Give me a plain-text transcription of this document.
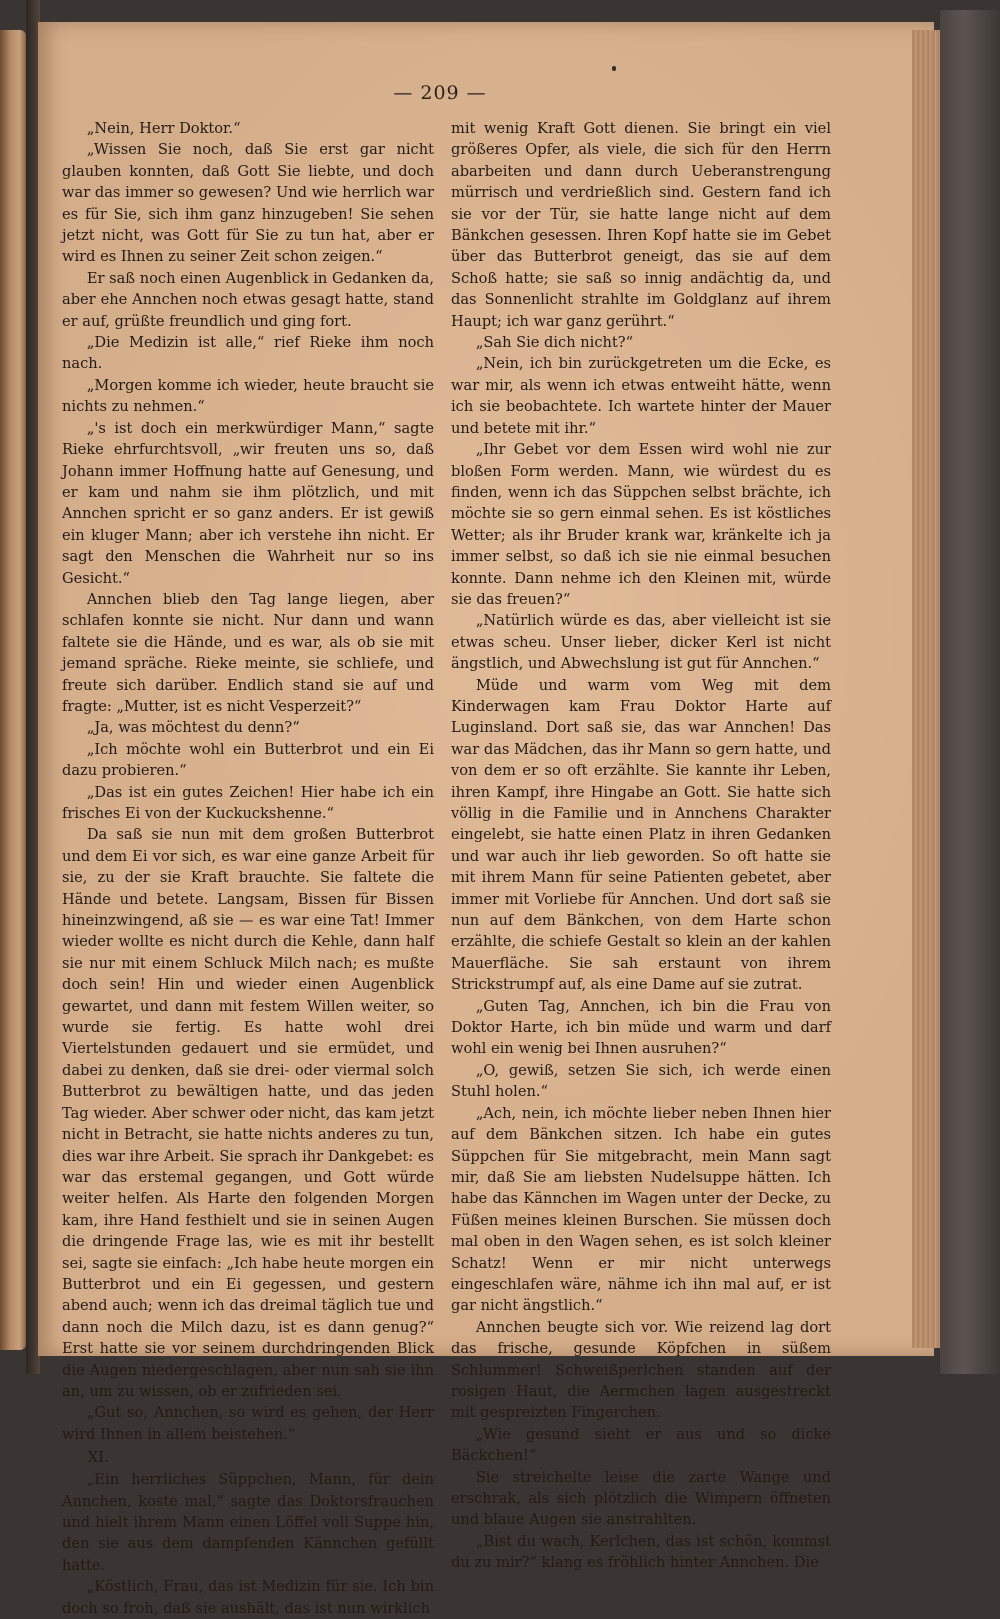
— 209 —

„Nein, Herr Doktor.“

„Wissen Sie noch, daß Sie erst gar nicht glauben konnten, daß Gott Sie liebte, und doch war das immer so gewesen? Und wie herrlich war es für Sie, sich ihm ganz hinzugeben! Sie sehen jetzt nicht, was Gott für Sie zu tun hat, aber er wird es Ihnen zu seiner Zeit schon zeigen.“

Er saß noch einen Augenblick in Gedanken da, aber ehe Annchen noch etwas gesagt hatte, stand er auf, grüßte freundlich und ging fort.

„Die Medizin ist alle,“ rief Rieke ihm noch nach.

„Morgen komme ich wieder, heute braucht sie nichts zu nehmen.“

„'s ist doch ein merkwürdiger Mann,“ sagte Rieke ehrfurchtsvoll, „wir freuten uns so, daß Johann immer Hoffnung hatte auf Genesung, und er kam und nahm sie ihm plötzlich, und mit Annchen spricht er so ganz anders. Er ist gewiß ein kluger Mann; aber ich verstehe ihn nicht. Er sagt den Menschen die Wahrheit nur so ins Gesicht.“

Annchen blieb den Tag lange liegen, aber schlafen konnte sie nicht. Nur dann und wann faltete sie die Hände, und es war, als ob sie mit jemand spräche. Rieke meinte, sie schliefe, und freute sich darüber. Endlich stand sie auf und fragte: „Mutter, ist es nicht Vesperzeit?“

„Ja, was möchtest du denn?“

„Ich möchte wohl ein Butterbrot und ein Ei dazu probieren.“

„Das ist ein gutes Zeichen! Hier habe ich ein frisches Ei von der Kuckuckshenne.“

Da saß sie nun mit dem großen Butterbrot und dem Ei vor sich, es war eine ganze Arbeit für sie, zu der sie Kraft brauchte. Sie faltete die Hände und betete. Langsam, Bissen für Bissen hineinzwingend, aß sie — es war eine Tat! Immer wieder wollte es nicht durch die Kehle, dann half sie nur mit einem Schluck Milch nach; es mußte doch sein! Hin und wieder einen Augenblick gewartet, und dann mit festem Willen weiter, so wurde sie fertig. Es hatte wohl drei Viertelstunden gedauert und sie ermüdet, und dabei zu denken, daß sie drei- oder viermal solch Butterbrot zu bewältigen hatte, und das jeden Tag wieder. Aber schwer oder nicht, das kam jetzt nicht in Betracht, sie hatte nichts anderes zu tun, dies war ihre Arbeit. Sie sprach ihr Dankgebet: es war das erstemal gegangen, und Gott würde weiter helfen. Als Harte den folgenden Morgen kam, ihre Hand festhielt und sie in seinen Augen die dringende Frage las, wie es mit ihr bestellt sei, sagte sie einfach: „Ich habe heute morgen ein Butterbrot und ein Ei gegessen, und gestern abend auch; wenn ich das dreimal täglich tue und dann noch die Milch dazu, ist es dann genug?“ Erst hatte sie vor seinem durchdringenden Blick die Augen niedergeschlagen, aber nun sah sie ihn an, um zu wissen, ob er zufrieden sei.

„Gut so, Annchen, so wird es gehen, der Herr wird Ihnen in allem beistehen.“

XI.

„Ein herrliches Süppchen, Mann, für dein Annchen, koste mal,“ sagte das Doktorsfrauchen und hielt ihrem Mann einen Löffel voll Suppe hin, den sie aus dem dampfenden Kännchen gefüllt hatte.

„Köstlich, Frau, das ist Medizin für sie. Ich bin doch so froh, daß sie aushält, das ist nun wirklich

mit wenig Kraft Gott dienen. Sie bringt ein viel größeres Opfer, als viele, die sich für den Herrn abarbeiten und dann durch Ueberanstrengung mürrisch und verdrießlich sind. Gestern fand ich sie vor der Tür, sie hatte lange nicht auf dem Bänkchen gesessen. Ihren Kopf hatte sie im Gebet über das Butterbrot geneigt, das sie auf dem Schoß hatte; sie saß so innig andächtig da, und das Sonnenlicht strahlte im Goldglanz auf ihrem Haupt; ich war ganz gerührt.“

„Sah Sie dich nicht?“

„Nein, ich bin zurückgetreten um die Ecke, es war mir, als wenn ich etwas entweiht hätte, wenn ich sie beobachtete. Ich wartete hinter der Mauer und betete mit ihr.“

„Ihr Gebet vor dem Essen wird wohl nie zur bloßen Form werden. Mann, wie würdest du es finden, wenn ich das Süppchen selbst brächte, ich möchte sie so gern einmal sehen. Es ist köstliches Wetter; als ihr Bruder krank war, kränkelte ich ja immer selbst, so daß ich sie nie einmal besuchen konnte. Dann nehme ich den Kleinen mit, würde sie das freuen?“

„Natürlich würde es das, aber vielleicht ist sie etwas scheu. Unser lieber, dicker Kerl ist nicht ängstlich, und Abwechslung ist gut für Annchen.“

Müde und warm vom Weg mit dem Kinderwagen kam Frau Doktor Harte auf Luginsland. Dort saß sie, das war Annchen! Das war das Mädchen, das ihr Mann so gern hatte, und von dem er so oft erzählte. Sie kannte ihr Leben, ihren Kampf, ihre Hingabe an Gott. Sie hatte sich völlig in die Familie und in Annchens Charakter eingelebt, sie hatte einen Platz in ihren Gedanken und war auch ihr lieb geworden. So oft hatte sie mit ihrem Mann für seine Patienten gebetet, aber immer mit Vorliebe für Annchen. Und dort saß sie nun auf dem Bänkchen, von dem Harte schon erzählte, die schiefe Gestalt so klein an der kahlen Mauerfläche. Sie sah erstaunt von ihrem Strickstrumpf auf, als eine Dame auf sie zutrat.

„Guten Tag, Annchen, ich bin die Frau von Doktor Harte, ich bin müde und warm und darf wohl ein wenig bei Ihnen ausruhen?“

„O, gewiß, setzen Sie sich, ich werde einen Stuhl holen.“

„Ach, nein, ich möchte lieber neben Ihnen hier auf dem Bänkchen sitzen. Ich habe ein gutes Süppchen für Sie mitgebracht, mein Mann sagt mir, daß Sie am liebsten Nudelsuppe hätten. Ich habe das Kännchen im Wagen unter der Decke, zu Füßen meines kleinen Burschen. Sie müssen doch mal oben in den Wagen sehen, es ist solch kleiner Schatz! Wenn er mir nicht unterwegs eingeschlafen wäre, nähme ich ihn mal auf, er ist gar nicht ängstlich.“

Annchen beugte sich vor. Wie reizend lag dort das frische, gesunde Köpfchen in süßem Schlummer! Schweißperlchen standen auf der rosigen Haut, die Aermchen lagen ausgestreckt mit gespreizten Fingerchen.

„Wie gesund sieht er aus und so dicke Bäckchen!“

Sie streichelte leise die zarte Wange und erschrak, als sich plötzlich die Wimpern öffneten und blaue Augen sie anstrahlten.

„Bist du wach, Kerlchen, das ist schön, kommst du zu mir?“ klang es fröhlich hinter Annchen. Die
